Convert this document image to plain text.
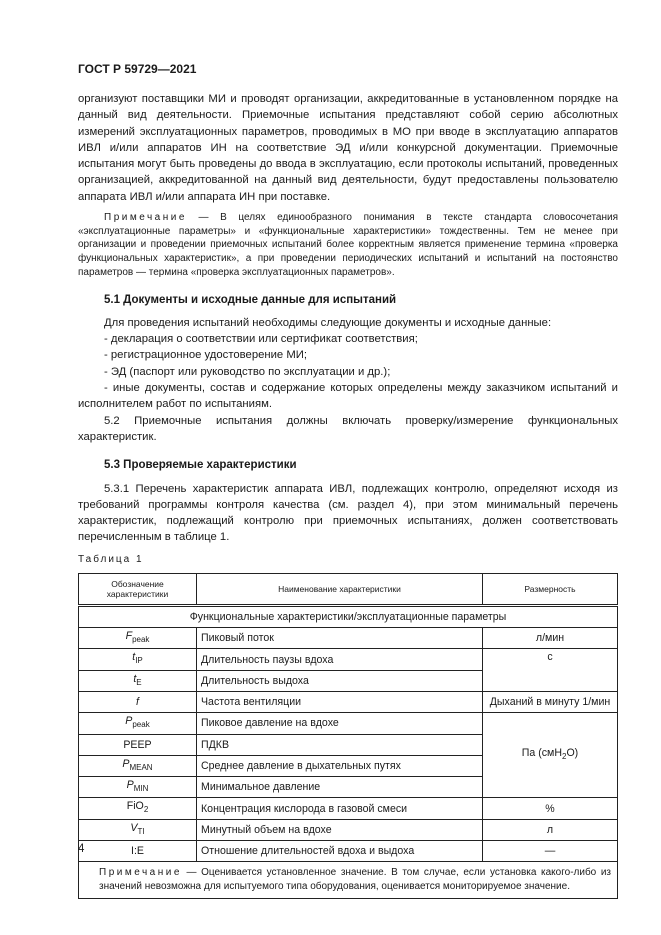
ГОСТ Р 59729—2021

организуют поставщики МИ и проводят организации, аккредитованные в установленном порядке на данный вид деятельности. Приемочные испытания представляют собой серию абсолютных измерений эксплуатационных параметров, проводимых в МО при вводе в эксплуатацию аппаратов ИВЛ и/или аппаратов ИН на соответствие ЭД и/или конкурсной документации. Приемочные испытания могут быть проведены до ввода в эксплуатацию, если протоколы испытаний, проведенных организацией, аккредитованной на данный вид деятельности, будут предоставлены пользователю аппарата ИВЛ и/или аппарата ИН при поставке.

Примечание — В целях единообразного понимания в тексте стандарта словосочетания «эксплуатационные параметры» и «функциональные характеристики» тождественны. Тем не менее при организации и проведении приемочных испытаний более корректным является применение термина «проверка функциональных характеристик», а при проведении периодических испытаний и испытаний на постоянство параметров — термина «проверка эксплуатационных параметров».

5.1 Документы и исходные данные для испытаний

Для проведения испытаний необходимы следующие документы и исходные данные:

- декларация о соответствии или сертификат соответствия;

- регистрационное удостоверение МИ;

- ЭД (паспорт или руководство по эксплуатации и др.);

- иные документы, состав и содержание которых определены между заказчиком испытаний и исполнителем работ по испытаниям.

5.2 Приемочные испытания должны включать проверку/измерение функциональных характеристик.

5.3 Проверяемые характеристики

5.3.1 Перечень характеристик аппарата ИВЛ, подлежащих контролю, определяют исходя из требований программы контроля качества (см. раздел 4), при этом минимальный перечень характеристик, подлежащий контролю при приемочных испытаниях, должен соответствовать перечисленным в таблице 1.

Таблица 1
Обозначение характеристики	Наименование характеристики	Размерность
Функциональные характеристики/эксплуатационные параметры		
$F_{peak}$	Пиковый поток	л/мин
$t_{IP}$	Длительность паузы вдоха	с
$t_E$	Длительность выдоха	
f	Частота вентиляции	Дыханий в минуту 1/мин
$P_{peak}$	Пиковое давление на вдохе	Па (смH$_2$O)
PEEP	ПДКВ	
$P_{MEAN}$	Среднее давление в дыхательных путях	
$P_{MIN}$	Минимальное давление	
FiO$_2$	Концентрация кислорода в газовой смеси	%
$V_{TI}$	Минутный объем на вдохе	л
I:E	Отношение длительностей вдоха и выдоха	—
Примечание — Оценивается установленное значение. В том случае, если установка какого-либо из значений невозможна для испытуемого типа оборудования, оценивается мониторируемое значение.		
4
